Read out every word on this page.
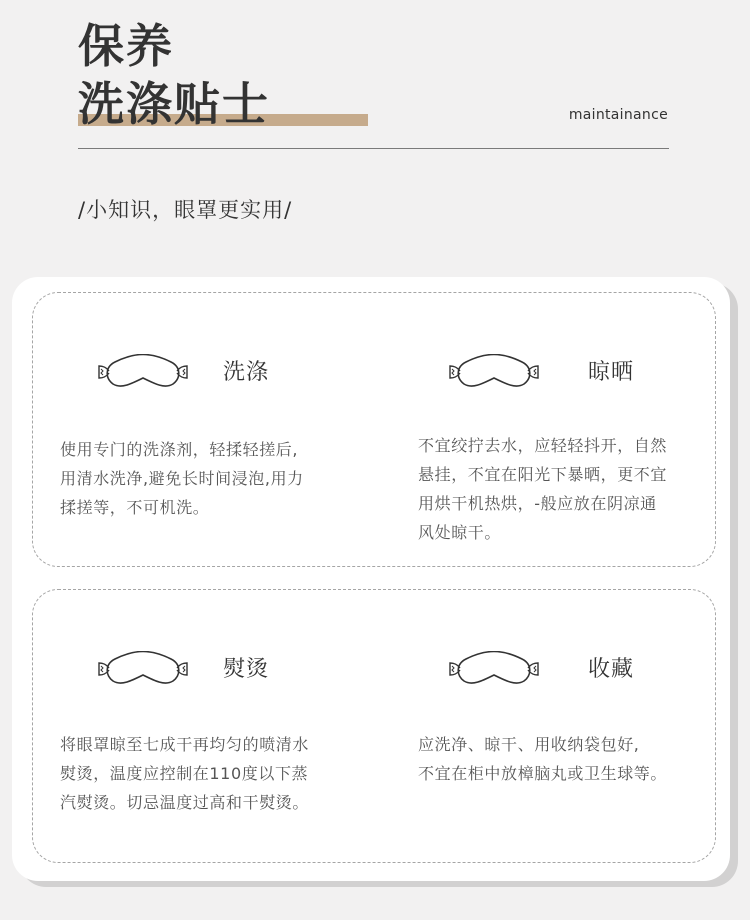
保养
洗涤贴士	maintainance
/小知识，眼罩更实用/
洗涤
使用专门的洗涤剂，轻揉轻搓后,
用清水洗净,避免长时间浸泡,用力
揉搓等，不可机洗。
晾晒
不宜绞拧去水，应轻轻抖开，自然
悬挂，不宜在阳光下暴晒，更不宜
用烘干机热烘，-般应放在阴凉通
风处晾干。
熨烫
将眼罩晾至七成干再均匀的喷清水
熨烫，温度应控制在110度以下蒸
汽熨烫。切忌温度过高和干熨烫。
收藏
应洗净、晾干、用收纳袋包好,
不宜在柜中放樟脑丸或卫生球等。
